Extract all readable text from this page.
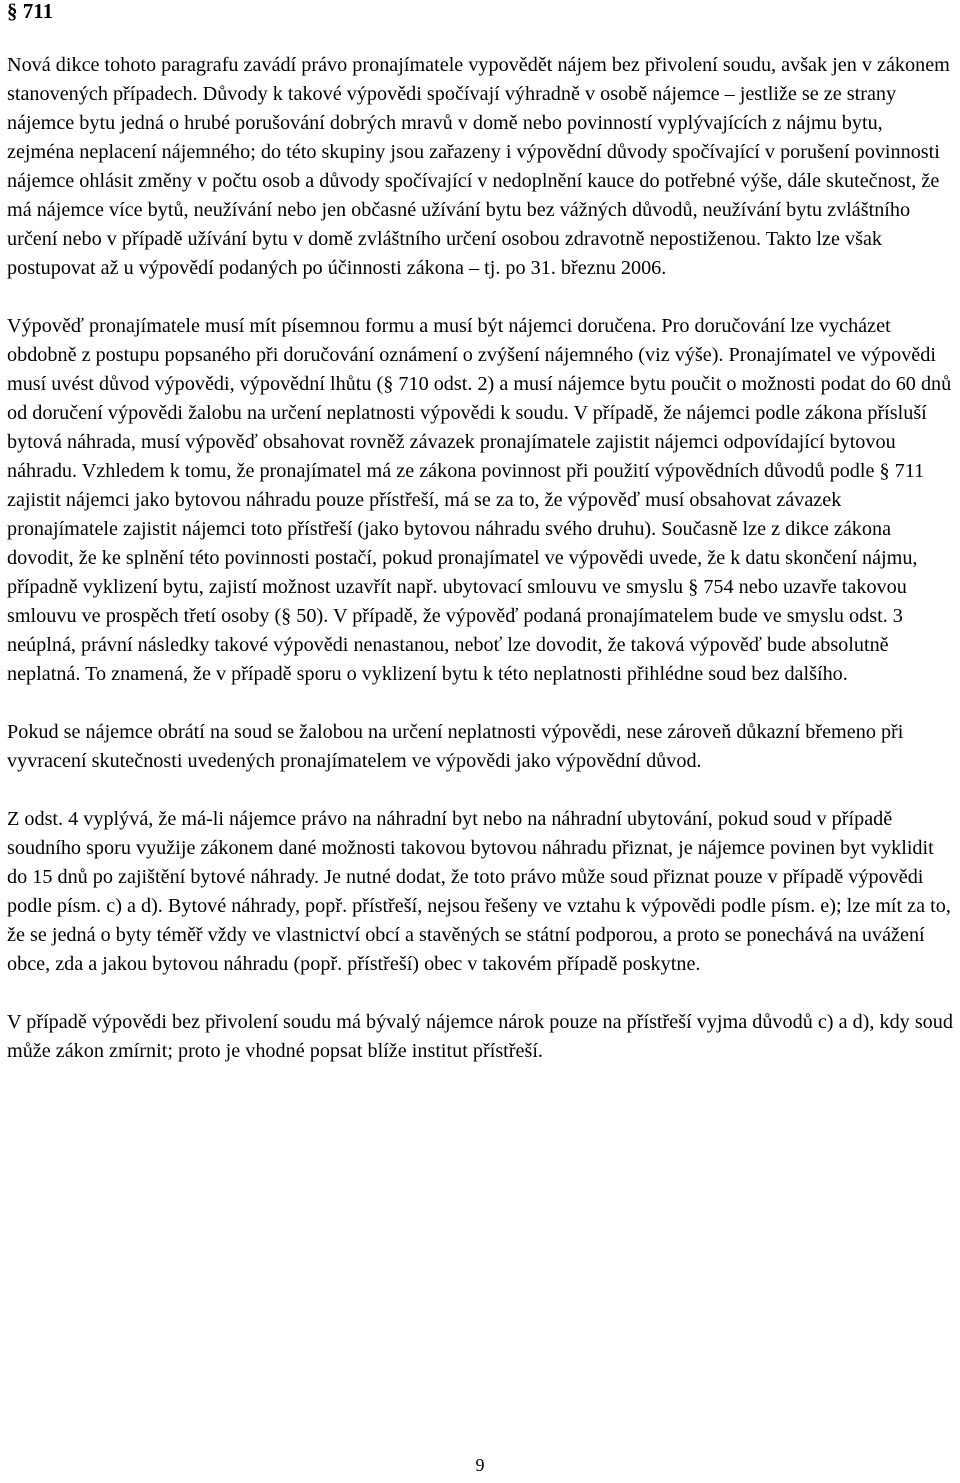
§ 711

Nová dikce tohoto paragrafu zavádí právo pronajímatele vypovědět nájem bez přivolení soudu, avšak jen v zákonem stanovených případech. Důvody k takové výpovědi spočívají výhradně v osobě nájemce – jestliže se ze strany nájemce bytu jedná o hrubé porušování dobrých mravů v domě nebo povinností vyplývajících z nájmu bytu, zejména neplacení nájemného; do této skupiny jsou zařazeny i výpovědní důvody spočívající v porušení povinnosti nájemce ohlásit změny v počtu osob a důvody spočívající v nedoplnění kauce do potřebné výše, dále skutečnost, že má nájemce více bytů, neužívání nebo jen občasné užívání bytu bez vážných důvodů, neužívání bytu zvláštního určení nebo v případě užívání bytu v domě zvláštního určení osobou zdravotně nepostiženou. Takto lze však postupovat až u výpovědí podaných po účinnosti zákona – tj. po 31. březnu 2006.

Výpověď pronajímatele musí mít písemnou formu a musí být nájemci doručena. Pro doručování lze vycházet obdobně z postupu popsaného při doručování oznámení o zvýšení nájemného (viz výše). Pronajímatel ve výpovědi musí uvést důvod výpovědi, výpovědní lhůtu (§ 710 odst. 2) a musí nájemce bytu poučit o možnosti podat do 60 dnů od doručení výpovědi žalobu na určení neplatnosti výpovědi k soudu. V případě, že nájemci podle zákona přísluší bytová náhrada, musí výpověď obsahovat rovněž závazek pronajímatele zajistit nájemci odpovídající bytovou náhradu. Vzhledem k tomu, že pronajímatel má ze zákona povinnost při použití výpovědních důvodů podle § 711 zajistit nájemci jako bytovou náhradu pouze přístřeší, má se za to, že výpověď musí obsahovat závazek pronajímatele zajistit nájemci toto přístřeší (jako bytovou náhradu svého druhu). Současně lze z dikce zákona dovodit, že ke splnění této povinnosti postačí, pokud pronajímatel ve výpovědi uvede, že k datu skončení nájmu, případně vyklizení bytu, zajistí možnost uzavřít např. ubytovací smlouvu ve smyslu § 754 nebo uzavře takovou smlouvu ve prospěch třetí osoby (§ 50). V případě, že výpověď podaná pronajímatelem bude ve smyslu odst. 3 neúplná, právní následky takové výpovědi nenastanou, neboť lze dovodit, že taková výpověď bude absolutně neplatná. To znamená, že v případě sporu o vyklizení bytu k této neplatnosti přihlédne soud bez dalšího.

Pokud se nájemce obrátí na soud se žalobou na určení neplatnosti výpovědi, nese zároveň důkazní břemeno při vyvracení skutečnosti uvedených pronajímatelem ve výpovědi jako výpovědní důvod.

Z odst. 4 vyplývá, že má-li nájemce právo na náhradní byt nebo na náhradní ubytování, pokud soud v případě soudního sporu využije zákonem dané možnosti takovou bytovou náhradu přiznat, je nájemce povinen byt vyklidit do 15 dnů po zajištění bytové náhrady. Je nutné dodat, že toto právo může soud přiznat pouze v případě výpovědi podle písm. c) a d). Bytové náhrady, popř. přístřeší, nejsou řešeny ve vztahu k výpovědi podle písm. e); lze mít za to, že se jedná o byty téměř vždy ve vlastnictví obcí a stavěných se státní podporou, a proto se ponechává na uvážení obce, zda a jakou bytovou náhradu (popř. přístřeší) obec v takovém případě poskytne.

V případě výpovědi bez přivolení soudu má bývalý nájemce nárok pouze na přístřeší vyjma důvodů c) a d), kdy soud může zákon zmírnit; proto je vhodné popsat blíže institut přístřeší.

9
